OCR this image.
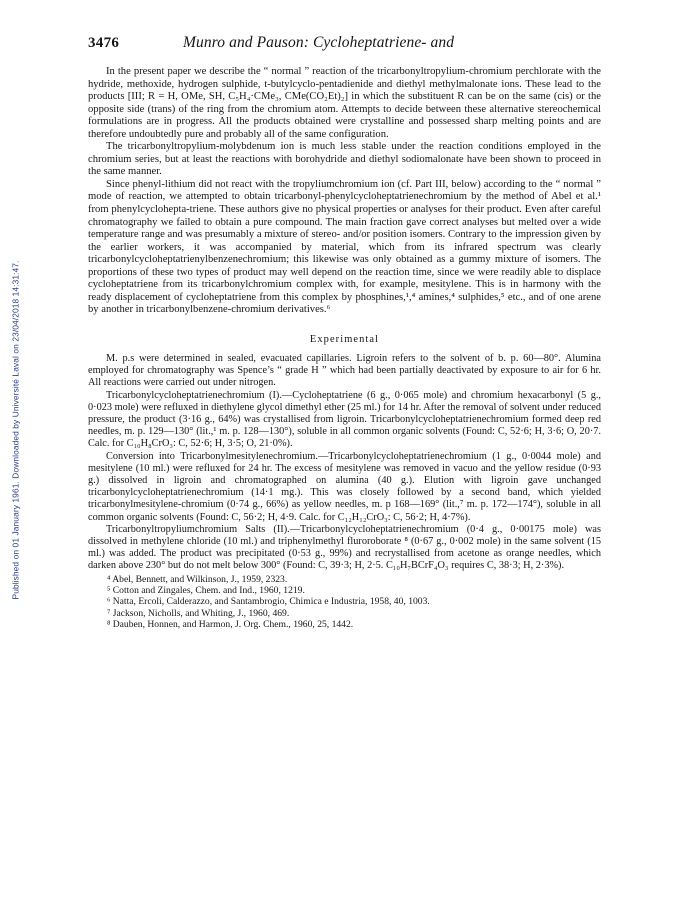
Published on 01 January 1961. Downloaded by Université Laval on 23/04/2018 14:31:47.
3476	Munro and Pauson: Cycloheptatriene- and

In the present paper we describe the “ normal ” reaction of the tricarbonyltropylium-chromium perchlorate with the hydride, methoxide, hydrogen sulphide, t-butylcyclo-pentadienide and diethyl methylmalonate ions. These lead to the products [III; R = H, OMe, SH, C₅H₄·CMe₃, CMe(CO₂Et)₂] in which the substituent R can be on the same (cis) or the opposite side (trans) of the ring from the chromium atom. Attempts to decide between these alternative stereochemical formulations are in progress. All the products obtained were crystalline and possessed sharp melting points and are therefore undoubtedly pure and probably all of the same configuration.

The tricarbonyltropylium-molybdenum ion is much less stable under the reaction conditions employed in the chromium series, but at least the reactions with borohydride and diethyl sodiomalonate have been shown to proceed in the same manner.

Since phenyl-lithium did not react with the tropyliumchromium ion (cf. Part III, below) according to the “ normal ” mode of reaction, we attempted to obtain tricarbonyl-phenylcycloheptatrienechromium by the method of Abel et al.¹ from phenylcyclohepta-triene. These authors give no physical properties or analyses for their product. Even after careful chromatography we failed to obtain a pure compound. The main fraction gave correct analyses but melted over a wide temperature range and was presumably a mixture of stereo- and/or position isomers. Contrary to the impression given by the earlier workers, it was accompanied by material, which from its infrared spectrum was clearly tricarbonylcycloheptatrienylbenzenechromium; this likewise was only obtained as a gummy mixture of isomers. The proportions of these two types of product may well depend on the reaction time, since we were readily able to displace cycloheptatriene from its tricarbonylchromium complex with, for example, mesitylene. This is in harmony with the ready displacement of cycloheptatriene from this complex by phosphines,¹,⁴ amines,⁴ sulphides,⁵ etc., and of one arene by another in tricarbonylbenzene-chromium derivatives.⁶

Experimental

M. p.s were determined in sealed, evacuated capillaries. Ligroin refers to the solvent of b. p. 60—80°. Alumina employed for chromatography was Spence’s “ grade H ” which had been partially deactivated by exposure to air for 6 hr. All reactions were carried out under nitrogen.

Tricarbonylcycloheptatrienechromium (I).—Cycloheptatriene (6 g., 0·065 mole) and chromium hexacarbonyl (5 g., 0·023 mole) were refluxed in diethylene glycol dimethyl ether (25 ml.) for 14 hr. After the removal of solvent under reduced pressure, the product (3·16 g., 64%) was crystallised from ligroin. Tricarbonylcycloheptatrienechromium formed deep red needles, m. p. 129—130° (lit.,¹ m. p. 128—130°), soluble in all common organic solvents (Found: C, 52·6; H, 3·6; O, 20·7. Calc. for C₁₀H₈CrO₃: C, 52·6; H, 3·5; O, 21·0%).

Conversion into Tricarbonylmesitylenechromium.—Tricarbonylcycloheptatrienechromium (1 g., 0·0044 mole) and mesitylene (10 ml.) were refluxed for 24 hr. The excess of mesitylene was removed in vacuo and the yellow residue (0·93 g.) dissolved in ligroin and chromatographed on alumina (40 g.). Elution with ligroin gave unchanged tricarbonylcycloheptatrienechromium (14·1 mg.). This was closely followed by a second band, which yielded tricarbonylmesitylene-chromium (0·74 g., 66%) as yellow needles, m. p 168—169° (lit.,⁷ m. p. 172—174°), soluble in all common organic solvents (Found: C, 56·2; H, 4·9. Calc. for C₁₂H₁₂CrO₃: C, 56·2; H, 4·7%).

Tricarbonyltropyliumchromium Salts (II).—Tricarbonylcycloheptatrienechromium (0·4 g., 0·00175 mole) was dissolved in methylene chloride (10 ml.) and triphenylmethyl fluroroborate ⁸ (0·67 g., 0·002 mole) in the same solvent (15 ml.) was added. The product was precipitated (0·53 g., 99%) and recrystallised from acetone as orange needles, which darken above 230° but do not melt below 300° (Found: C, 39·3; H, 2·5. C₁₀H₇BCrF₄O₃ requires C, 38·3; H, 2·3%).

⁴ Abel, Bennett, and Wilkinson, J., 1959, 2323.

⁵ Cotton and Zingales, Chem. and Ind., 1960, 1219.

⁶ Natta, Ercoli, Calderazzo, and Santambrogio, Chimica e Industria, 1958, 40, 1003.

⁷ Jackson, Nicholls, and Whiting, J., 1960, 469.

⁸ Dauben, Honnen, and Harmon, J. Org. Chem., 1960, 25, 1442.
